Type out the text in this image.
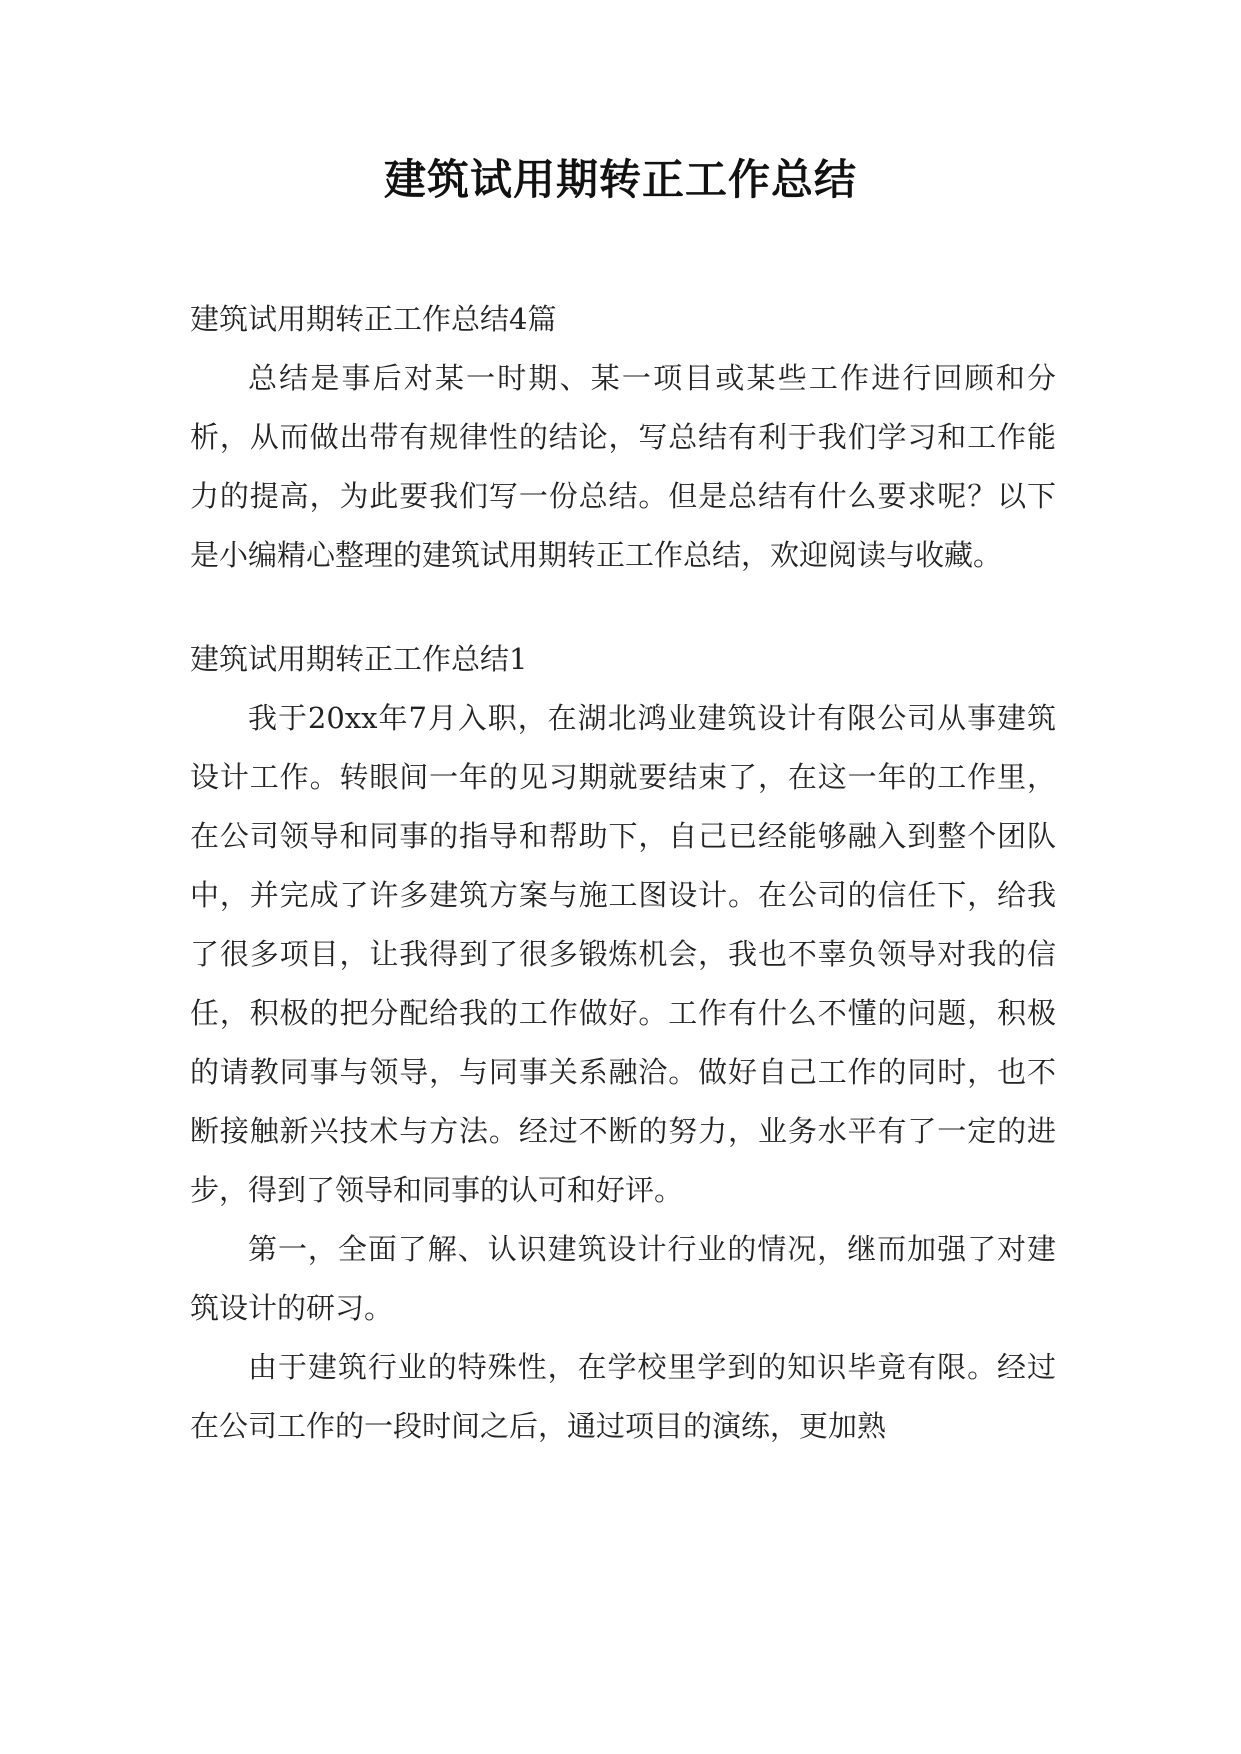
建筑试用期转正工作总结

建筑试用期转正工作总结4篇

总结是事后对某一时期、某一项目或某些工作进行回顾和分析，从而做出带有规律性的结论，写总结有利于我们学习和工作能力的提高，为此要我们写一份总结。但是总结有什么要求呢？以下是小编精心整理的建筑试用期转正工作总结，欢迎阅读与收藏。

建筑试用期转正工作总结1

我于20xx年7月入职，在湖北鸿业建筑设计有限公司从事建筑设计工作。转眼间一年的见习期就要结束了，在这一年的工作里，在公司领导和同事的指导和帮助下，自己已经能够融入到整个团队中，并完成了许多建筑方案与施工图设计。在公司的信任下，给我了很多项目，让我得到了很多锻炼机会，我也不辜负领导对我的信任，积极的把分配给我的工作做好。工作有什么不懂的问题，积极的请教同事与领导，与同事关系融洽。做好自己工作的同时，也不断接触新兴技术与方法。经过不断的努力，业务水平有了一定的进步，得到了领导和同事的认可和好评。

第一，全面了解、认识建筑设计行业的情况，继而加强了对建筑设计的研习。

由于建筑行业的特殊性，在学校里学到的知识毕竟有限。经过在公司工作的一段时间之后，通过项目的演练，更加熟
